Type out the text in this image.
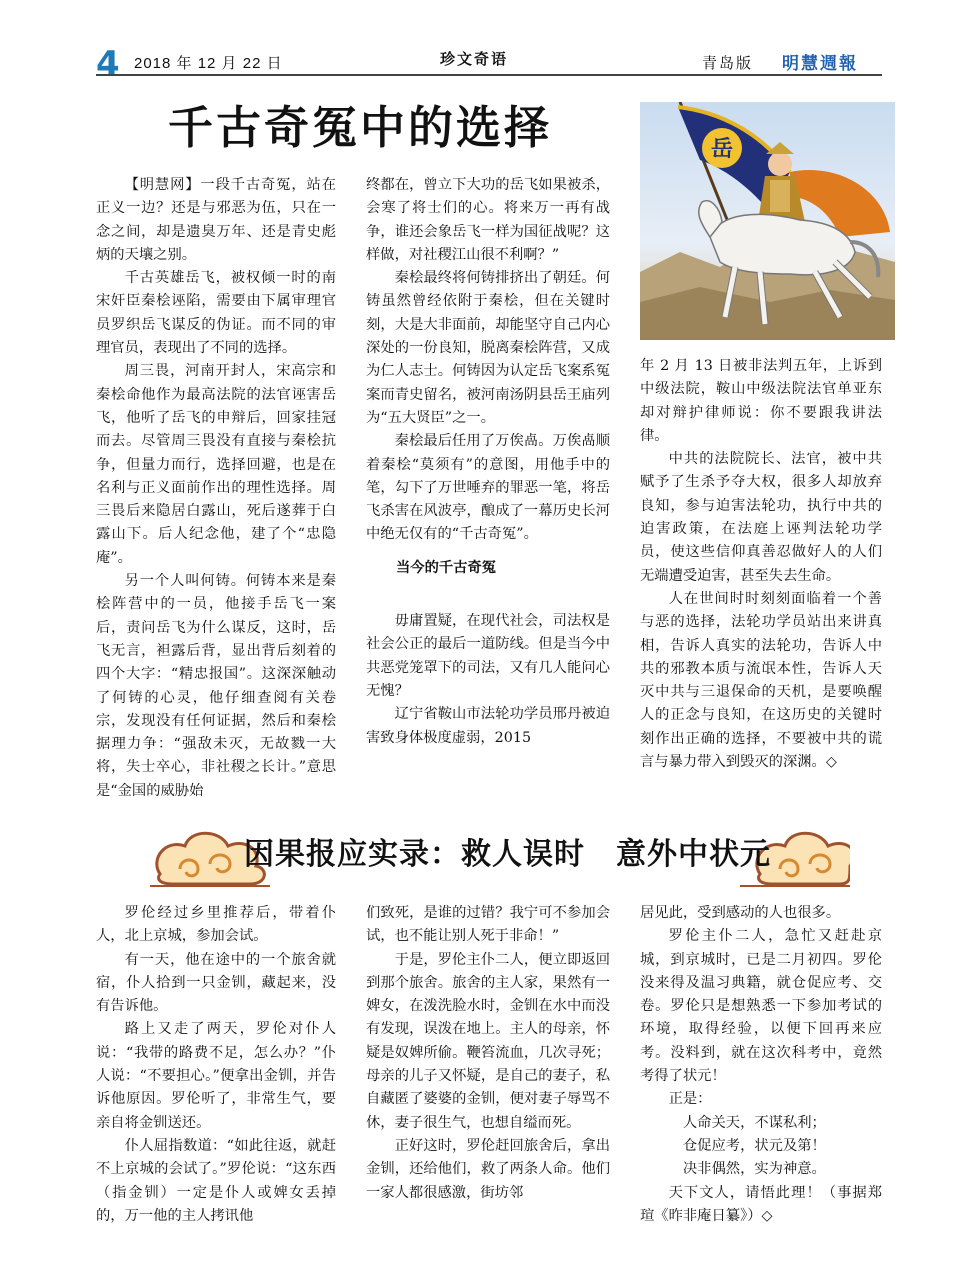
4 2018 年 12 月 22 日	珍文奇语	青岛版 明慧週報
千古奇冤中的选择

【明慧网】一段千古奇冤，站在正义一边？还是与邪恶为伍，只在一念之间，却是遗臭万年、还是青史彪炳的天壤之别。

千古英雄岳飞，被权倾一时的南宋奸臣秦桧诬陷，需要由下属审理官员罗织岳飞谋反的伪证。而不同的审理官员，表现出了不同的选择。

周三畏，河南开封人，宋高宗和秦桧命他作为最高法院的法官诬害岳飞，他听了岳飞的申辩后，回家挂冠而去。尽管周三畏没有直接与秦桧抗争，但量力而行，选择回避，也是在名利与正义面前作出的理性选择。周三畏后来隐居白露山，死后遂葬于白露山下。后人纪念他，建了个“忠隐庵”。

另一个人叫何铸。何铸本来是秦桧阵营中的一员，他接手岳飞一案后，责问岳飞为什么谋反，这时，岳飞无言，袒露后背，显出背后刻着的四个大字：“精忠报国”。这深深触动了何铸的心灵，他仔细查阅有关卷宗，发现没有任何证据，然后和秦桧据理力争：“强敌未灭，无故戮一大将，失士卒心，非社稷之长计。”意思是“金国的威胁始

终都在，曾立下大功的岳飞如果被杀，会寒了将士们的心。将来万一再有战争，谁还会象岳飞一样为国征战呢？这样做，对社稷江山很不利啊？”

秦桧最终将何铸排挤出了朝廷。何铸虽然曾经依附于秦桧，但在关键时刻，大是大非面前，却能坚守自己内心深处的一份良知，脱离秦桧阵营，又成为仁人志士。何铸因为认定岳飞案系冤案而青史留名，被河南汤阴县岳王庙列为“五大贤臣”之一。

秦桧最后任用了万俟卨。万俟卨顺着秦桧“莫须有”的意图，用他手中的笔，勾下了万世唾弃的罪恶一笔，将岳飞杀害在风波亭，酿成了一幕历史长河中绝无仅有的“千古奇冤”。

当今的千古奇冤

毋庸置疑，在现代社会，司法权是社会公正的最后一道防线。但是当今中共恶党笼罩下的司法，又有几人能问心无愧？

辽宁省鞍山市法轮功学员邢丹被迫害致身体极度虚弱，2015

岳

年 2 月 13 日被非法判五年，上诉到中级法院，鞍山中级法院法官单亚东却对辩护律师说：你不要跟我讲法律。

中共的法院院长、法官，被中共赋予了生杀予夺大权，很多人却放弃良知，参与迫害法轮功，执行中共的迫害政策，在法庭上诬判法轮功学员，使这些信仰真善忍做好人的人们无端遭受迫害，甚至失去生命。

人在世间时时刻刻面临着一个善与恶的选择，法轮功学员站出来讲真相，告诉人真实的法轮功，告诉人中共的邪教本质与流氓本性，告诉人天灭中共与三退保命的天机，是要唤醒人的正念与良知，在这历史的关键时刻作出正确的选择，不要被中共的谎言与暴力带入到毁灭的深渊。◇

因果报应实录：救人误时　意外中状元

罗伦经过乡里推荐后，带着仆人，北上京城，参加会试。

有一天，他在途中的一个旅舍就宿，仆人拾到一只金钏，藏起来，没有告诉他。

路上又走了两天，罗伦对仆人说：“我带的路费不足，怎么办？”仆人说：“不要担心。”便拿出金钏，并告诉他原因。罗伦听了，非常生气，要亲自将金钏送还。

仆人屈指数道：“如此往返，就赶不上京城的会试了。”罗伦说：“这东西（指金钏）一定是仆人或婢女丢掉的，万一他的主人拷讯他

们致死，是谁的过错？我宁可不参加会试，也不能让别人死于非命！”

于是，罗伦主仆二人，便立即返回到那个旅舍。旅舍的主人家，果然有一婢女，在泼洗脸水时，金钏在水中而没有发现，误泼在地上。主人的母亲，怀疑是奴婢所偷。鞭笞流血，几次寻死；母亲的儿子又怀疑，是自己的妻子，私自藏匿了婆婆的金钏，便对妻子辱骂不休，妻子很生气，也想自缢而死。

正好这时，罗伦赶回旅舍后，拿出金钏，还给他们，救了两条人命。他们一家人都很感激，街坊邻

居见此，受到感动的人也很多。

罗伦主仆二人，急忙又赶赴京城，到京城时，已是二月初四。罗伦没来得及温习典籍，就仓促应考、交卷。罗伦只是想熟悉一下参加考试的环境，取得经验，以便下回再来应考。没料到，就在这次科考中，竟然考得了状元！

正是：

人命关天，不谋私利；

仓促应考，状元及第！

决非偶然，实为神意。

天下文人，请悟此理！（事据郑瑄《昨非庵日纂》）◇
